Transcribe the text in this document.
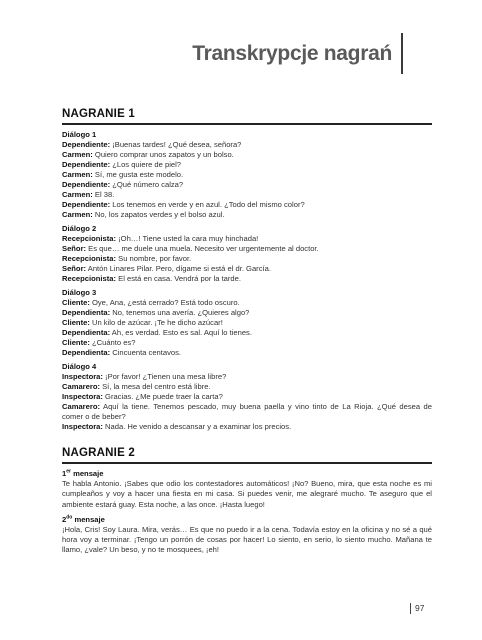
Transkrypcje nagrań
NAGRANIE 1
Diálogo 1
Dependiente: ¡Buenas tardes! ¿Qué desea, señora?
Carmen: Quiero comprar unos zapatos y un bolso.
Dependiente: ¿Los quiere de piel?
Carmen: Sí, me gusta este modelo.
Dependiente: ¿Qué número calza?
Carmen: El 38.
Dependiente: Los tenemos en verde y en azul. ¿Todo del mismo color?
Carmen: No, los zapatos verdes y el bolso azul.
Diálogo 2
Recepcionista: ¡Oh…! Tiene usted la cara muy hinchada!
Señor: Es que… me duele una muela. Necesito ver urgentemente al doctor.
Recepcionista: Su nombre, por favor.
Señor: Antón Linares Pilar. Pero, dígame si está el dr. García.
Recepcionista: El está en casa. Vendrá por la tarde.
Diálogo 3
Cliente: Oye, Ana, ¿está cerrado? Está todo oscuro.
Dependienta: No, tenemos una avería. ¿Quieres algo?
Cliente: Un kilo de azúcar. ¡Te he dicho azúcar!
Dependienta: Ah, es verdad. Esto es sal. Aquí lo tienes.
Cliente: ¿Cuánto es?
Dependienta: Cincuenta centavos.
Diálogo 4
Inspectora: ¡Por favor! ¿Tienen una mesa libre?
Camarero: Sí, la mesa del centro está libre.
Inspectora: Gracias. ¿Me puede traer la carta?
Camarero: Aquí la tiene. Tenemos pescado, muy buena paella y vino tinto de La Rioja. ¿Qué desea de comer o de beber?
Inspectora: Nada. He venido a descansar y a examinar los precios.
NAGRANIE 2
1er mensaje
Te habla Antonio. ¡Sabes que odio los contestadores automáticos! ¡No? Bueno, mira, que esta noche es mi cumpleaños y voy a hacer una fiesta en mi casa. Si puedes venir, me alegraré mucho. Te aseguro que el ambiente estará guay. Esta noche, a las once. ¡Hasta luego!
$2^{do}$ mensaje
¡Hola, Cris! Soy Laura. Mira, verás… Es que no puedo ir a la cena. Todavía estoy en la oficina y no sé a qué hora voy a terminar. ¡Tengo un porrón de cosas por hacer! Lo siento, en serio, lo siento mucho. Mañana te llamo, ¿vale? Un beso, y no te mosquees, ¡eh!
97
